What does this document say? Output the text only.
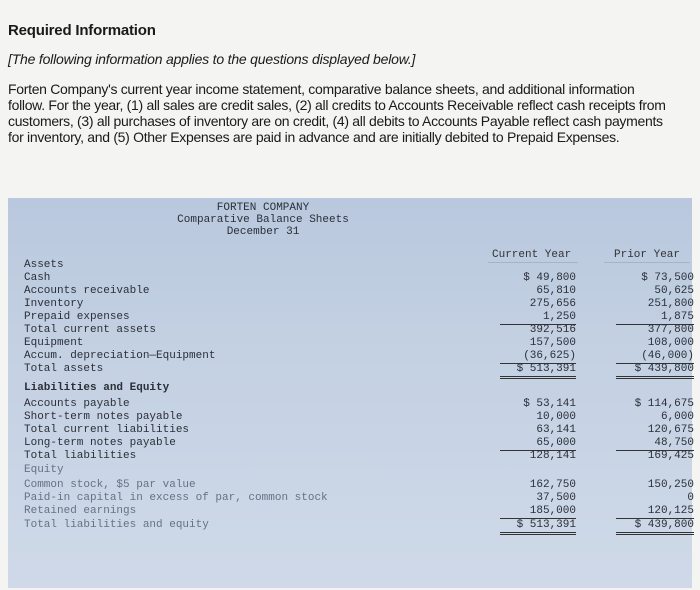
Required Information
[The following information applies to the questions displayed below.]
Forten Company's current year income statement, comparative balance sheets, and additional information follow. For the year, (1) all sales are credit sales, (2) all credits to Accounts Receivable reflect cash receipts from customers, (3) all purchases of inventory are on credit, (4) all debits to Accounts Payable reflect cash payments for inventory, and (5) Other Expenses are paid in advance and are initially debited to Prepaid Expenses.
FORTEN COMPANY
Comparative Balance Sheets
December 31
Current Year	Prior Year
Assets
Cash	$ 49,800	$ 73,500
Accounts receivable	65,810	50,625
Inventory	275,656	251,800
Prepaid expenses	1,250	1,875
Total current assets	392,516	377,800
Equipment	157,500	108,000
Accum. depreciation—Equipment	(36,625)	(46,000)
Total assets	$ 513,391	$ 439,800
Liabilities and Equity
Accounts payable	$ 53,141	$ 114,675
Short-term notes payable	10,000	6,000
Total current liabilities	63,141	120,675
Long-term notes payable	65,000	48,750
Total liabilities	128,141	169,425
Equity
Common stock, $5 par value	162,750	150,250
Paid-in capital in excess of par, common stock	37,500	0
Retained earnings	185,000	120,125
Total liabilities and equity	$ 513,391	$ 439,800
